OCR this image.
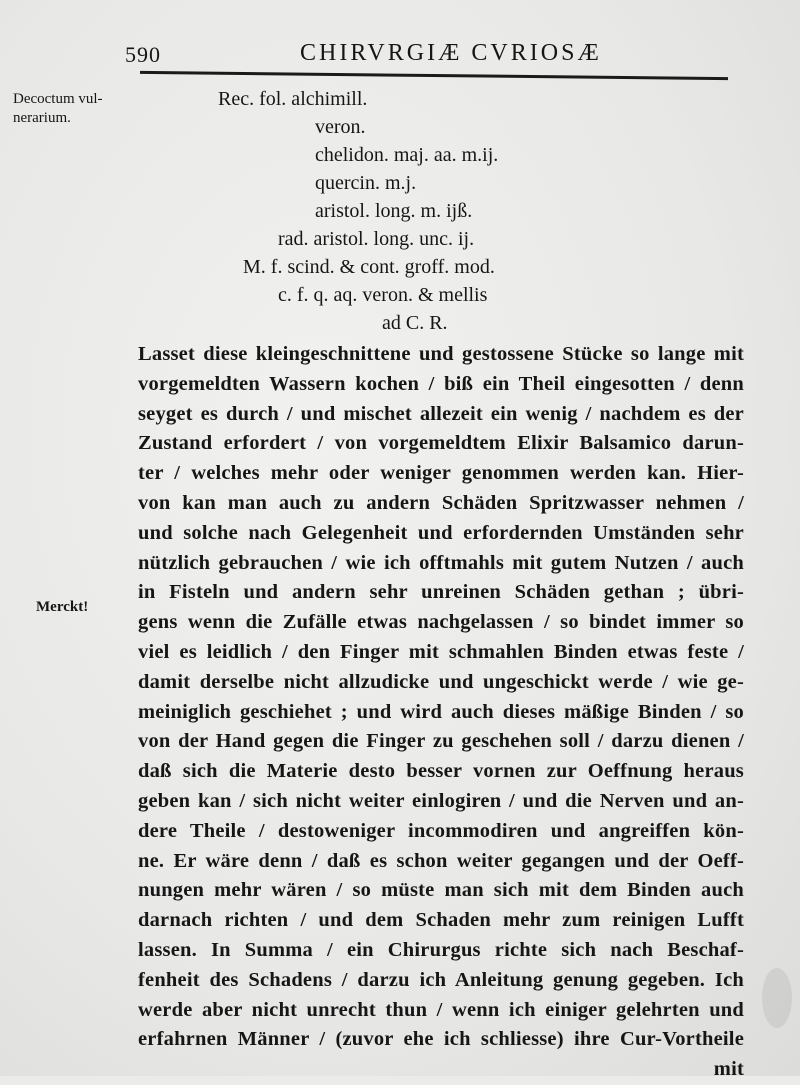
590	CHIRVRGIÆ CVRIOSÆ
Decoctum vul-
nerarium.
Merckt!
Rec. fol. alchimill.
veron.
chelidon. maj. aa. m.ij.
quercin. m.j.
aristol. long. m. ijß.
rad. aristol. long. unc. ij.
M. f. scind. & cont. groff. mod.
c. f. q. aq. veron. & mellis
ad C. R.
Lasset diese kleingeschnittene und gestossene Stücke so lange mit
vorgemeldten Wassern kochen / biß ein Theil eingesotten / denn
seyget es durch / und mischet allezeit ein wenig / nachdem es der
Zustand erfordert / von vorgemeldtem Elixir Balsamico darun-
ter / welches mehr oder weniger genommen werden kan. Hier-
von kan man auch zu andern Schäden Spritzwasser nehmen /
und solche nach Gelegenheit und erfordernden Umständen sehr
nützlich gebrauchen / wie ich offtmahls mit gutem Nutzen / auch
in Fisteln und andern sehr unreinen Schäden gethan ; übri-
gens wenn die Zufälle etwas nachgelassen / so bindet immer so
viel es leidlich / den Finger mit schmahlen Binden etwas feste /
damit derselbe nicht allzudicke und ungeschickt werde / wie ge-
meiniglich geschiehet ; und wird auch dieses mäßige Binden / so
von der Hand gegen die Finger zu geschehen soll / darzu dienen /
daß sich die Materie desto besser vornen zur Oeffnung heraus
geben kan / sich nicht weiter einlogiren / und die Nerven und an-
dere Theile / destoweniger incommodiren und angreiffen kön-
ne. Er wäre denn / daß es schon weiter gegangen und der Oeff-
nungen mehr wären / so müste man sich mit dem Binden auch
darnach richten / und dem Schaden mehr zum reinigen Lufft
lassen. In Summa / ein Chirurgus richte sich nach Beschaf-
fenheit des Schadens / darzu ich Anleitung genung gegeben. Ich
werde aber nicht unrecht thun / wenn ich einiger gelehrten und
erfahrnen Männer / (zuvor ehe ich schliesse) ihre Cur-Vortheile
mit
